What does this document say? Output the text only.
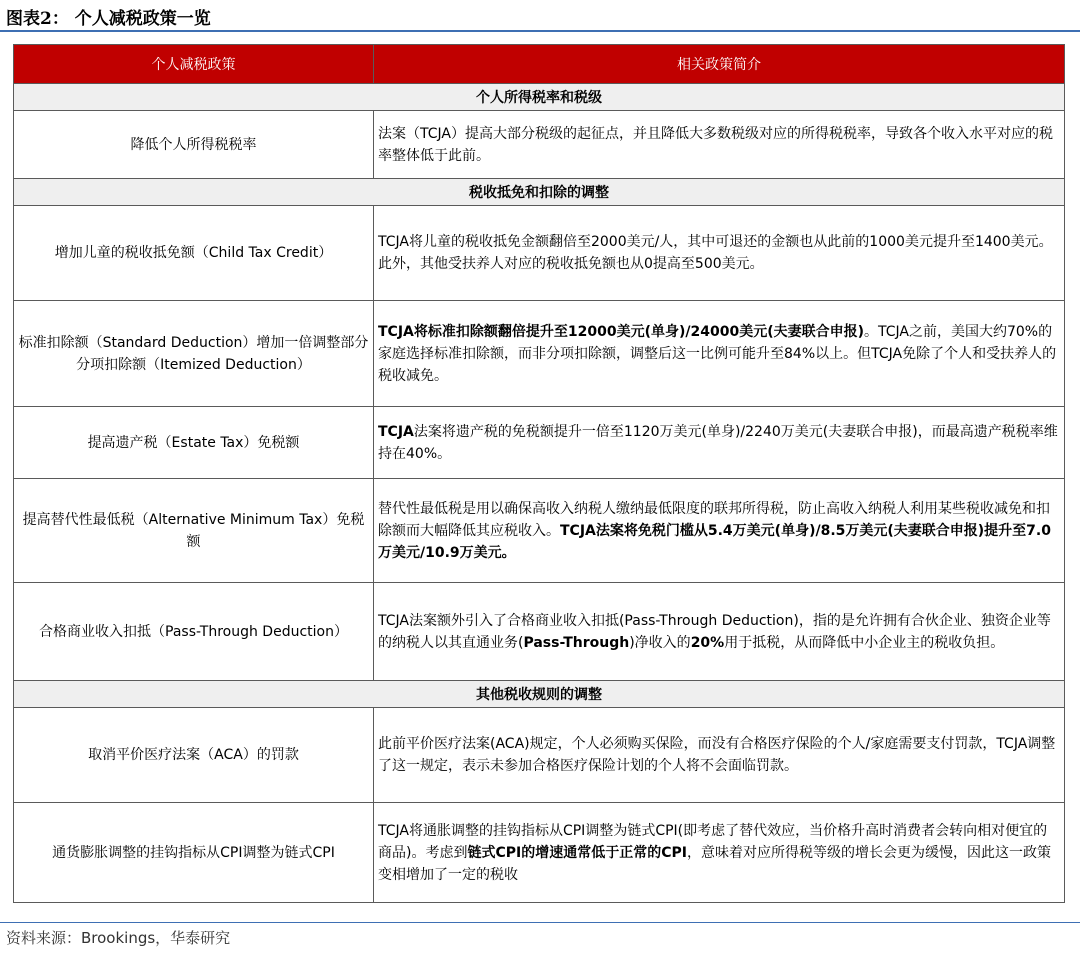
图表2： 个人减税政策一览
个人减税政策	相关政策简介
个人所得税率和税级	
降低个人所得税税率	法案（TCJA）提高大部分税级的起征点，并且降低大多数税级对应的所得税税率，导致各个收入水平对应的税率整体低于此前。
税收抵免和扣除的调整	
增加儿童的税收抵免额（Child Tax Credit）	TCJA将儿童的税收抵免金额翻倍至2000美元/人，其中可退还的金额也从此前的1000美元提升至1400美元。此外，其他受扶养人对应的税收抵免额也从0提高至500美元。
标准扣除额（Standard Deduction）增加一倍调整部分分项扣除额（Itemized Deduction）	TCJA将标准扣除额翻倍提升至12000美元(单身)/24000美元(夫妻联合申报)。TCJA之前，美国大约70%的家庭选择标准扣除额，而非分项扣除额，调整后这一比例可能升至84%以上。但TCJA免除了个人和受扶养人的税收减免。
提高遗产税（Estate Tax）免税额	TCJA法案将遗产税的免税额提升一倍至1120万美元(单身)/2240万美元(夫妻联合申报)，而最高遗产税税率维持在40%。
提高替代性最低税（Alternative Minimum Tax）免税额	替代性最低税是用以确保高收入纳税人缴纳最低限度的联邦所得税，防止高收入纳税人利用某些税收减免和扣除额而大幅降低其应税收入。TCJA法案将免税门槛从5.4万美元(单身)/8.5万美元(夫妻联合申报)提升至7.0万美元/10.9万美元。
合格商业收入扣抵（Pass-Through Deduction）	TCJA法案额外引入了合格商业收入扣抵(Pass-Through Deduction)，指的是允许拥有合伙企业、独资企业等的纳税人以其直通业务(Pass-Through)净收入的20%用于抵税，从而降低中小企业主的税收负担。
其他税收规则的调整	
取消平价医疗法案（ACA）的罚款	此前平价医疗法案(ACA)规定，个人必须购买保险，而没有合格医疗保险的个人/家庭需要支付罚款，TCJA调整了这一规定，表示未参加合格医疗保险计划的个人将不会面临罚款。
通货膨胀调整的挂钩指标从CPI调整为链式CPI	TCJA将通胀调整的挂钩指标从CPI调整为链式CPI(即考虑了替代效应，当价格升高时消费者会转向相对便宜的商品)。考虑到链式CPI的增速通常低于正常的CPI，意味着对应所得税等级的增长会更为缓慢，因此这一政策变相增加了一定的税收
资料来源：Brookings，华泰研究
